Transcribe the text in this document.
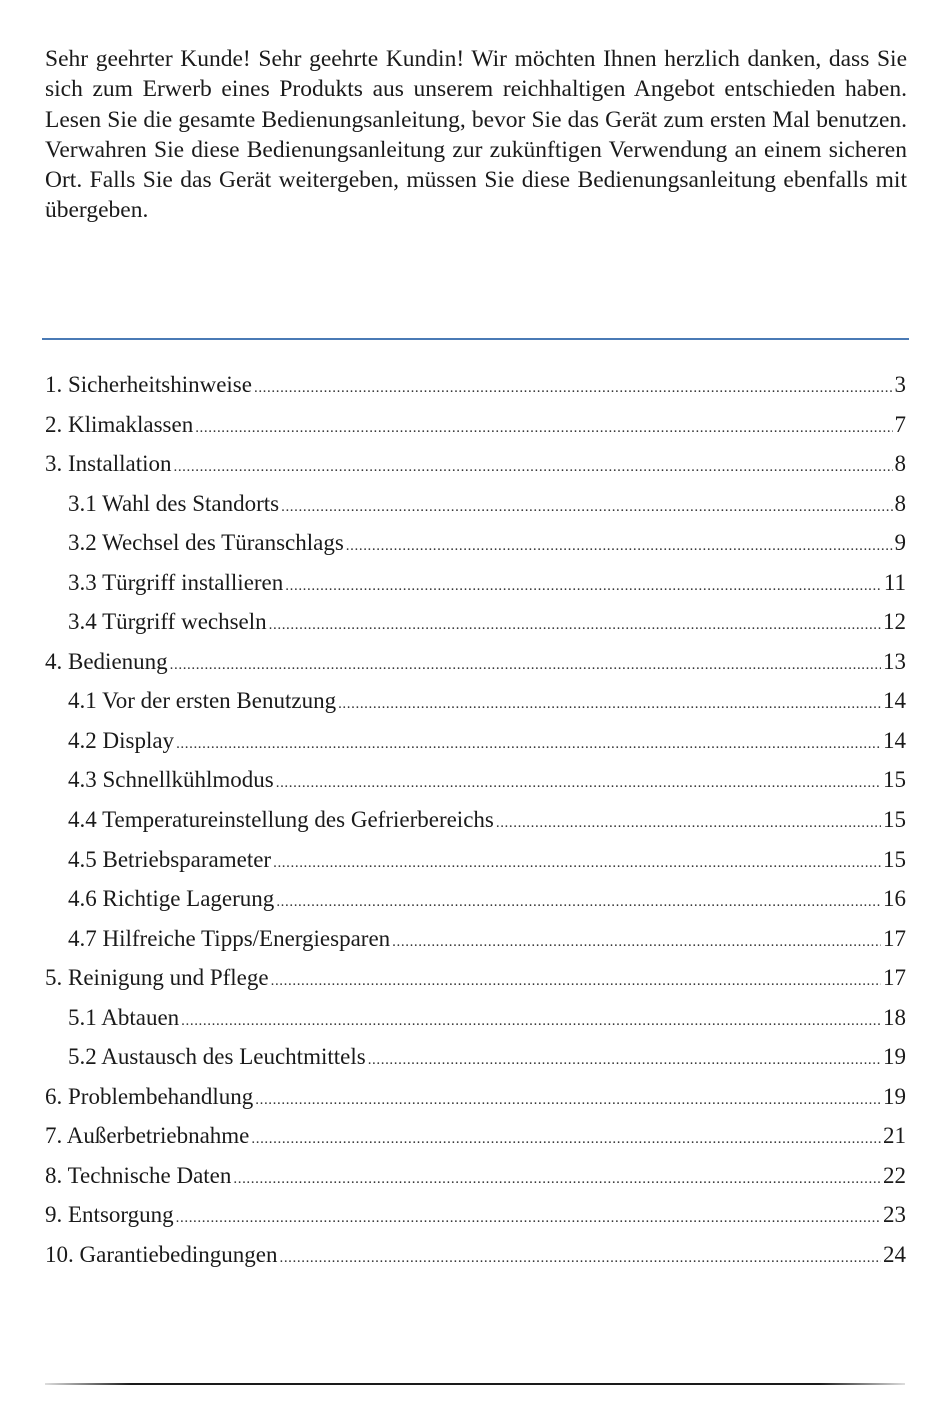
Sehr geehrter Kunde! Sehr geehrte Kundin! Wir möchten Ihnen herzlich danken, dass Sie sich zum Erwerb eines Produkts aus unserem reichhaltigen Angebot entschieden haben. Lesen Sie die gesamte Bedienungsanleitung, bevor Sie das Gerät zum ersten Mal benutzen. Verwahren Sie diese Bedienungsanleitung zur zukünftigen Verwendung an einem sicheren Ort. Falls Sie das Gerät weitergeben, müssen Sie diese Bedienungsanleitung ebenfalls mit übergeben.

1. Sicherheitshinweise .....	3
2. Klimaklassen .....	7
3. Installation .....	8
3.1 Wahl des Standorts .....	8
3.2 Wechsel des Türanschlags .....	9
3.3 Türgriff installieren .....	11
3.4 Türgriff wechseln .....	12
4. Bedienung .....	13
4.1 Vor der ersten Benutzung .....	14
4.2 Display .....	14
4.3 Schnellkühlmodus .....	15
4.4 Temperatureinstellung des Gefrierbereichs .....	15
4.5 Betriebsparameter .....	15
4.6 Richtige Lagerung .....	16
4.7 Hilfreiche Tipps/Energiesparen .....	17
5. Reinigung und Pflege .....	17
5.1 Abtauen .....	18
5.2 Austausch des Leuchtmittels .....	19
6. Problembehandlung .....	19
7. Außerbetriebnahme .....	21
8. Technische Daten .....	22
9. Entsorgung .....	23
10. Garantiebedingungen .....	24
